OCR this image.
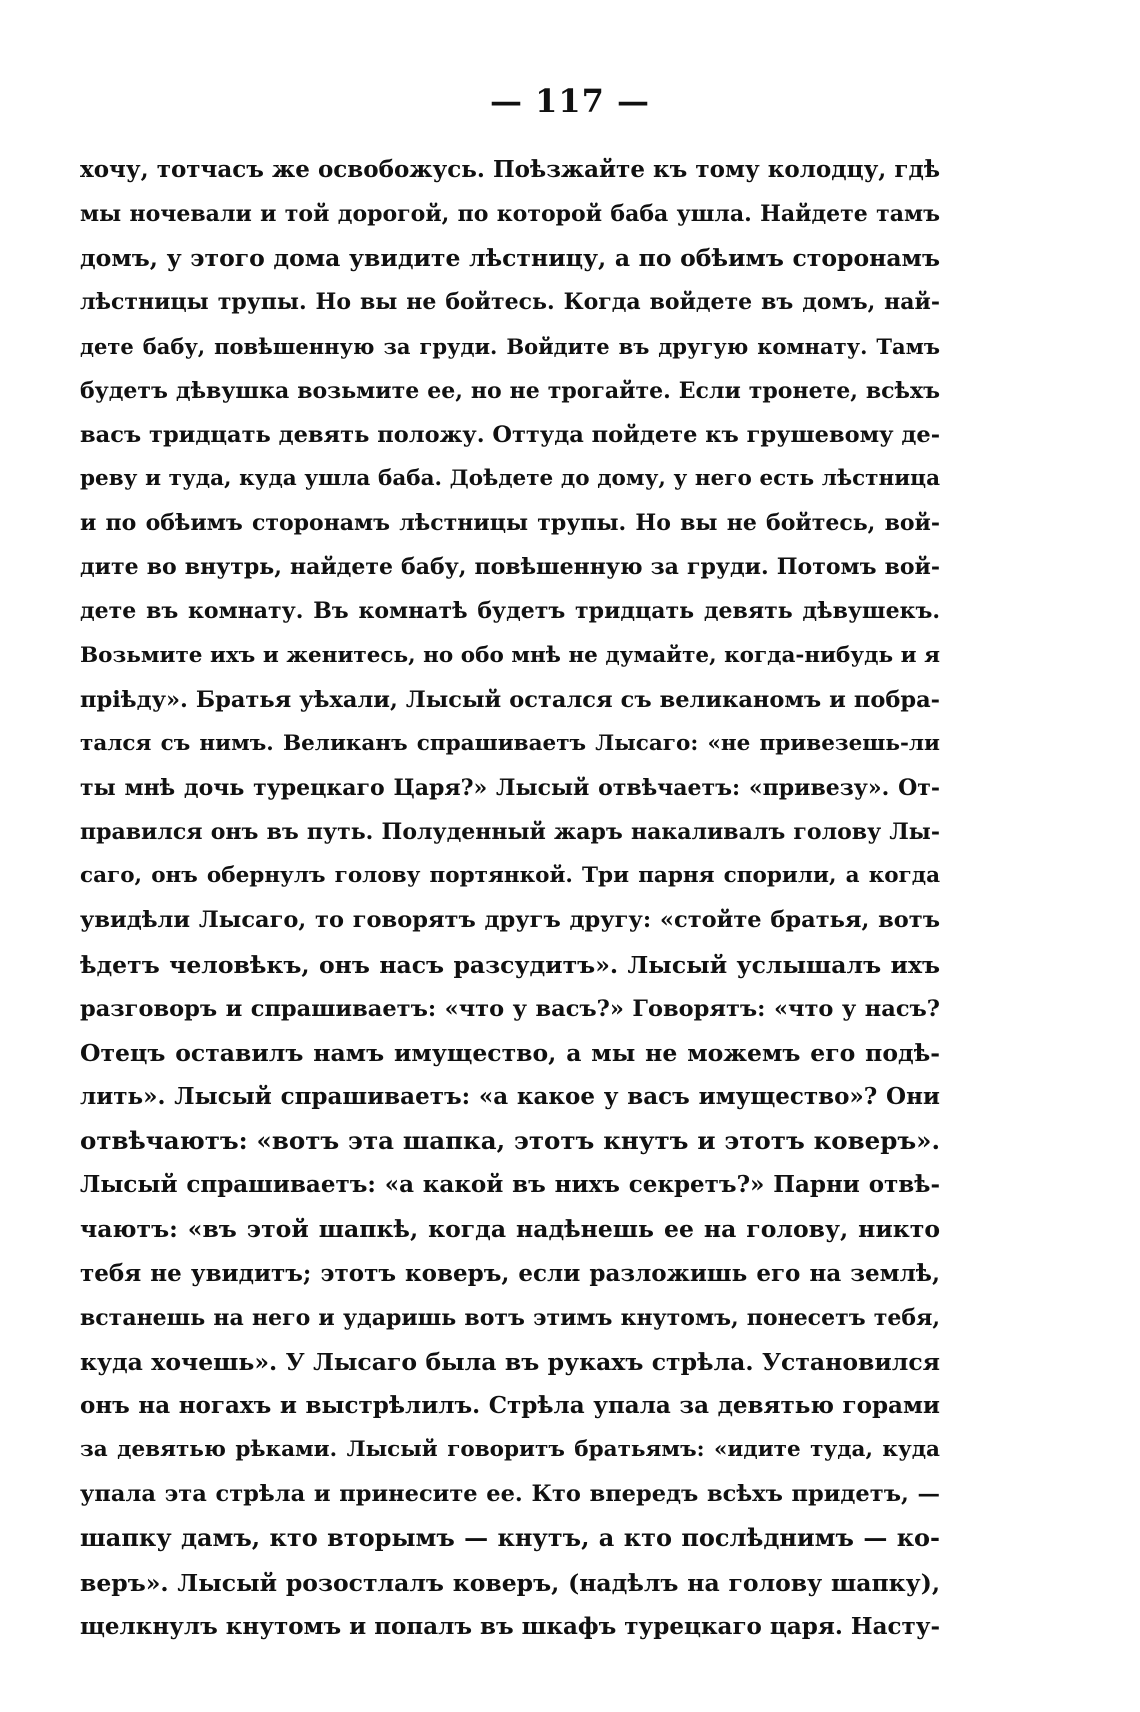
— 117 —
хочу, тотчасъ же освобожусь. Поѣзжайте къ тому колодцу, гдѣ
мы ночевали и той дорогой, по которой баба ушла. Найдете тамъ
домъ, у этого дома увидите лѣстницу, а по обѣимъ сторонамъ
лѣстницы трупы. Но вы не бойтесь. Когда войдете въ домъ, най-
дете бабу, повѣшенную за груди. Войдите въ другую комнату. Тамъ
будетъ дѣвушка возьмите ее, но не трогайте. Если тронете, всѣхъ
васъ тридцать девять положу. Оттуда пойдете къ грушевому де-
реву и туда, куда ушла баба. Доѣдете до дому, у него есть лѣстница
и по обѣимъ сторонамъ лѣстницы трупы. Но вы не бойтесь, вой-
дите во внутрь, найдете бабу, повѣшенную за груди. Потомъ вой-
дете въ комнату. Въ комнатѣ будетъ тридцать девять дѣвушекъ.
Возьмите ихъ и женитесь, но обо мнѣ не думайте, когда-нибудь и я
пріѣду». Братья уѣхали, Лысый остался съ великаномъ и побра-
тался съ нимъ. Великанъ спрашиваетъ Лысаго: «не привезешь-ли
ты мнѣ дочь турецкаго Царя?» Лысый отвѣчаетъ: «привезу». От-
правился онъ въ путь. Полуденный жаръ накаливалъ голову Лы-
саго, онъ обернулъ голову портянкой. Три парня спорили, а когда
увидѣли Лысаго, то говорятъ другъ другу: «стойте братья, вотъ
ѣдетъ человѣкъ, онъ насъ разсудитъ». Лысый услышалъ ихъ
разговоръ и спрашиваетъ: «что у васъ?» Говорятъ: «что у насъ?
Отецъ оставилъ намъ имущество, а мы не можемъ его подѣ-
лить». Лысый спрашиваетъ: «а какое у васъ имущество»? Они
отвѣчаютъ: «вотъ эта шапка, этотъ кнутъ и этотъ коверъ».
Лысый спрашиваетъ: «а какой въ нихъ секретъ?» Парни отвѣ-
чаютъ: «въ этой шапкѣ, когда надѣнешь ее на голову, никто
тебя не увидитъ; этотъ коверъ, если разложишь его на землѣ,
встанешь на него и ударишь вотъ этимъ кнутомъ, понесетъ тебя,
куда хочешь». У Лысаго была въ рукахъ стрѣла. Установился
онъ на ногахъ и выстрѣлилъ. Стрѣла упала за девятью горами
за девятью рѣками. Лысый говоритъ братьямъ: «идите туда, куда
упала эта стрѣла и принесите ее. Кто впередъ всѣхъ придетъ, —
шапку дамъ, кто вторымъ — кнутъ, а кто послѣднимъ — ко-
веръ». Лысый розостлалъ коверъ, (надѣлъ на голову шапку),
щелкнулъ кнутомъ и попалъ въ шкафъ турецкаго царя. Насту-
